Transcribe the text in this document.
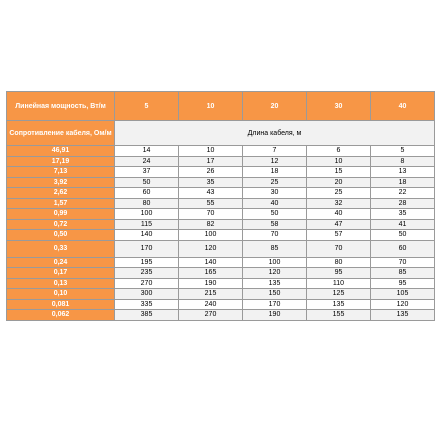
Линейная мощность, Вт/м	5	10	20	30	40
Сопротивление кабеля, Ом/м	Длина кабеля, м				
46,91	14	10	7	6	5
17,19	24	17	12	10	8
7,13	37	26	18	15	13
3,92	50	35	25	20	18
2,62	60	43	30	25	22
1,57	80	55	40	32	28
0,99	100	70	50	40	35
0,72	115	82	58	47	41
0,50	140	100	70	57	50
0,33	170	120	85	70	60
0,24	195	140	100	80	70
0,17	235	165	120	95	85
0,13	270	190	135	110	95
0,10	300	215	150	125	105
0,081	335	240	170	135	120
0,062	385	270	190	155	135
